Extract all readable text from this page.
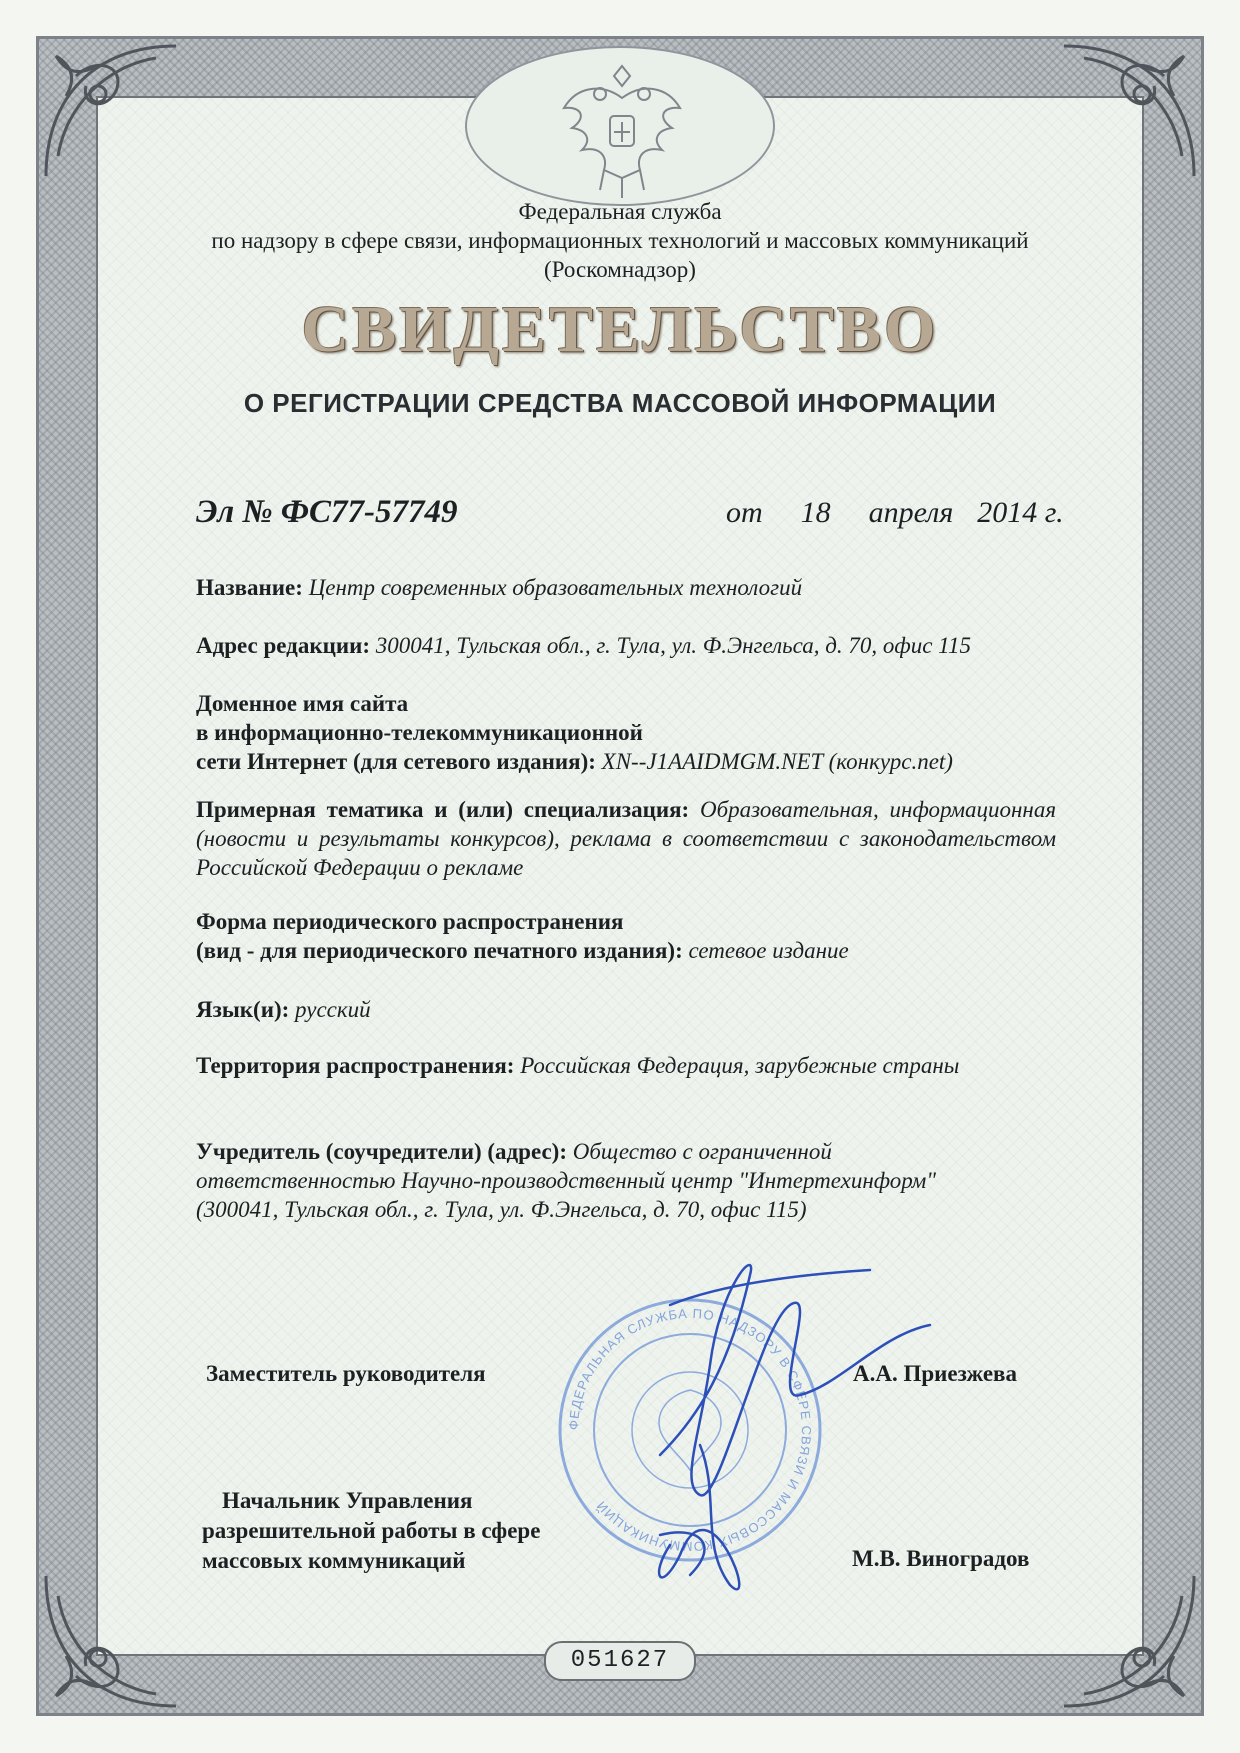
Федеральная служба
по надзору в сфере связи, информационных технологий и массовых коммуникаций
(Роскомнадзор)
СВИДЕТЕЛЬСТВО
О РЕГИСТРАЦИИ СРЕДСТВА МАССОВОЙ ИНФОРМАЦИИ
Эл № ФС77-57749	от 18 апреля 2014 г.
Название: Центр современных образовательных технологий
Адрес редакции: 300041, Тульская обл., г. Тула, ул. Ф.Энгельса, д. 70, офис 115
Доменное имя сайта
в информационно-телекоммуникационной
сети Интернет (для сетевого издания): XN--J1AAIDMGM.NET (конкурс.net)
Примерная тематика и (или) специализация: Образовательная, информационная (новости и результаты конкурсов), реклама в соответствии с законодательством Российской Федерации о рекламе
Форма периодического распространения
(вид - для периодического печатного издания): сетевое издание
Язык(и): русский
Территория распространения: Российская Федерация, зарубежные страны
Учредитель (соучредители) (адрес): Общество с ограниченной ответственностью Научно-производственный центр "Интертехинформ" (300041, Тульская обл., г. Тула, ул. Ф.Энгельса, д. 70, офис 115)
ФЕДЕРАЛЬНАЯ СЛУЖБА ПО НАДЗОРУ В СФЕРЕ СВЯЗИ И МАССОВЫХ КОММУНИКАЦИЙ
Заместитель руководителя	А.А. Приезжева
Начальник Управления
разрешительной работы в сфере
массовых коммуникаций	М.В. Виноградов
051627
